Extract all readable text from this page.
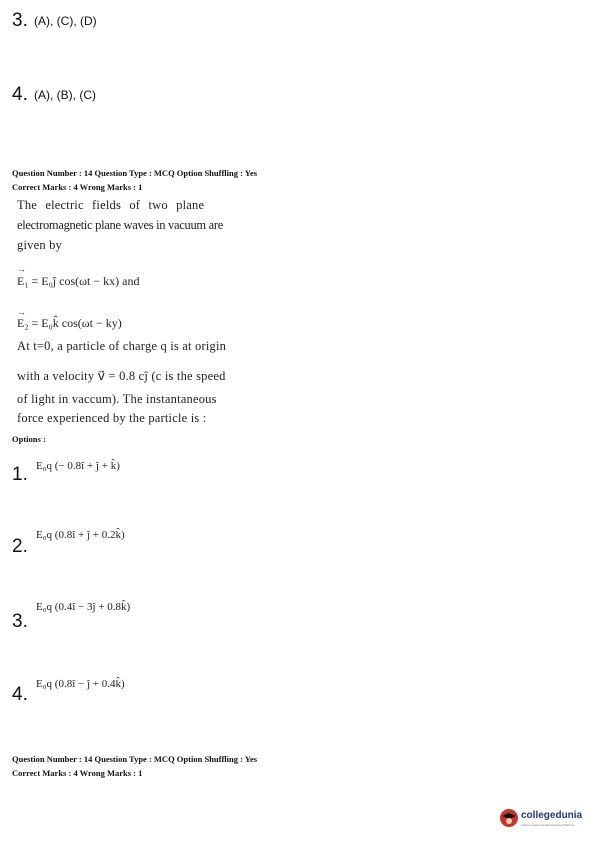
3. (A), (C), (D)
4. (A), (B), (C)
Question Number : 14 Question Type : MCQ Option Shuffling : Yes
Correct Marks : 4 Wrong Marks : 1
The electric fields of two plane
electromagnetic plane waves in vacuum are
given by
→
E₁ = E₀ĵ cos(ωt − kx) and
→
E₂ = E₀k̂ cos(ωt − ky)
At t=0, a particle of charge q is at origin
with a velocity v⃗ = 0.8 cĵ (c is the speed
of light in vaccum). The instantaneous
force experienced by the particle is :
Options :
1. E₀q (− 0.8î + ĵ + k̂)
2.
E₀q (0.8î + ĵ + 0.2k̂)
3.
E₀q (0.4î − 3ĵ + 0.8k̂)
4. E₀q (0.8î − ĵ + 0.4k̂)
Question Number : 14 Question Type : MCQ Option Shuffling : Yes
Correct Marks : 4 Wrong Marks : 1
collegedunia
India's Largest Student Review Platform
